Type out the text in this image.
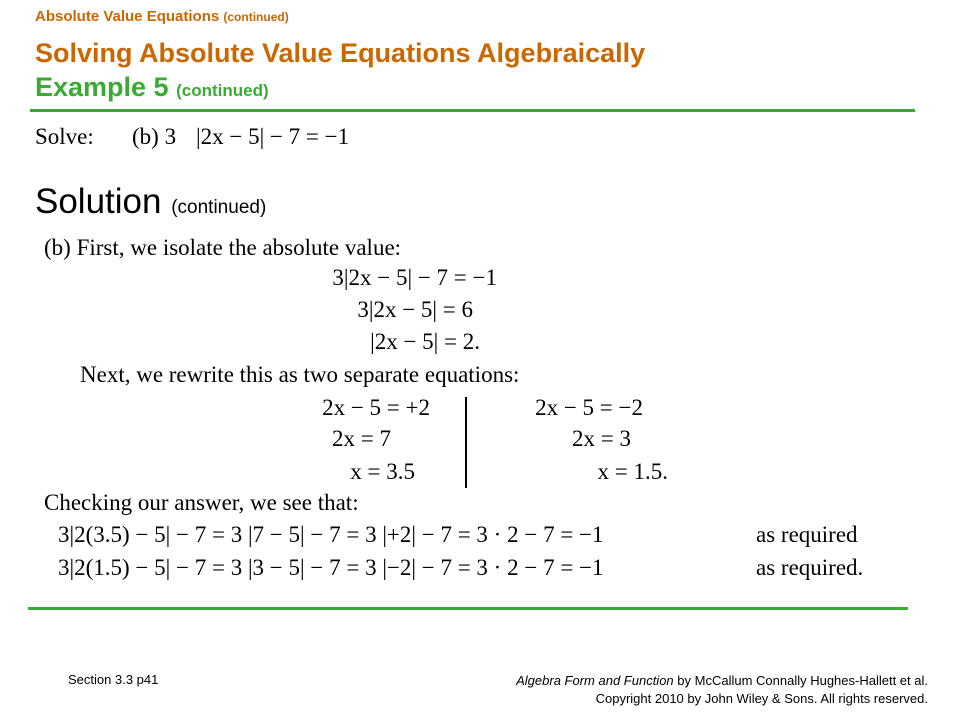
Absolute Value Equations (continued)
Solving Absolute Value Equations Algebraically
Example 5 (continued)
Solve: (b) 3 |2x − 5| − 7 = −1
Solution (continued)
(b) First, we isolate the absolute value:
3|2x − 5| − 7 = −1
3|2x − 5| = 6
|2x − 5| = 2.
Next, we rewrite this as two separate equations:
2x − 5 = +2
2x = 7
x = 3.5
2x − 5 = −2
2x = 3
x = 1.5.
Checking our answer, we see that:
3|2(3.5) − 5| − 7 = 3 |7 − 5| − 7 = 3 |+2| − 7 = 3 · 2 − 7 = −1	as required
3|2(1.5) − 5| − 7 = 3 |3 − 5| − 7 = 3 |−2| − 7 = 3 · 2 − 7 = −1	as required.
Section 3.3 p41	Algebra Form and Function by McCallum Connally Hughes-Hallett et al.
Copyright 2010 by John Wiley & Sons. All rights reserved.
